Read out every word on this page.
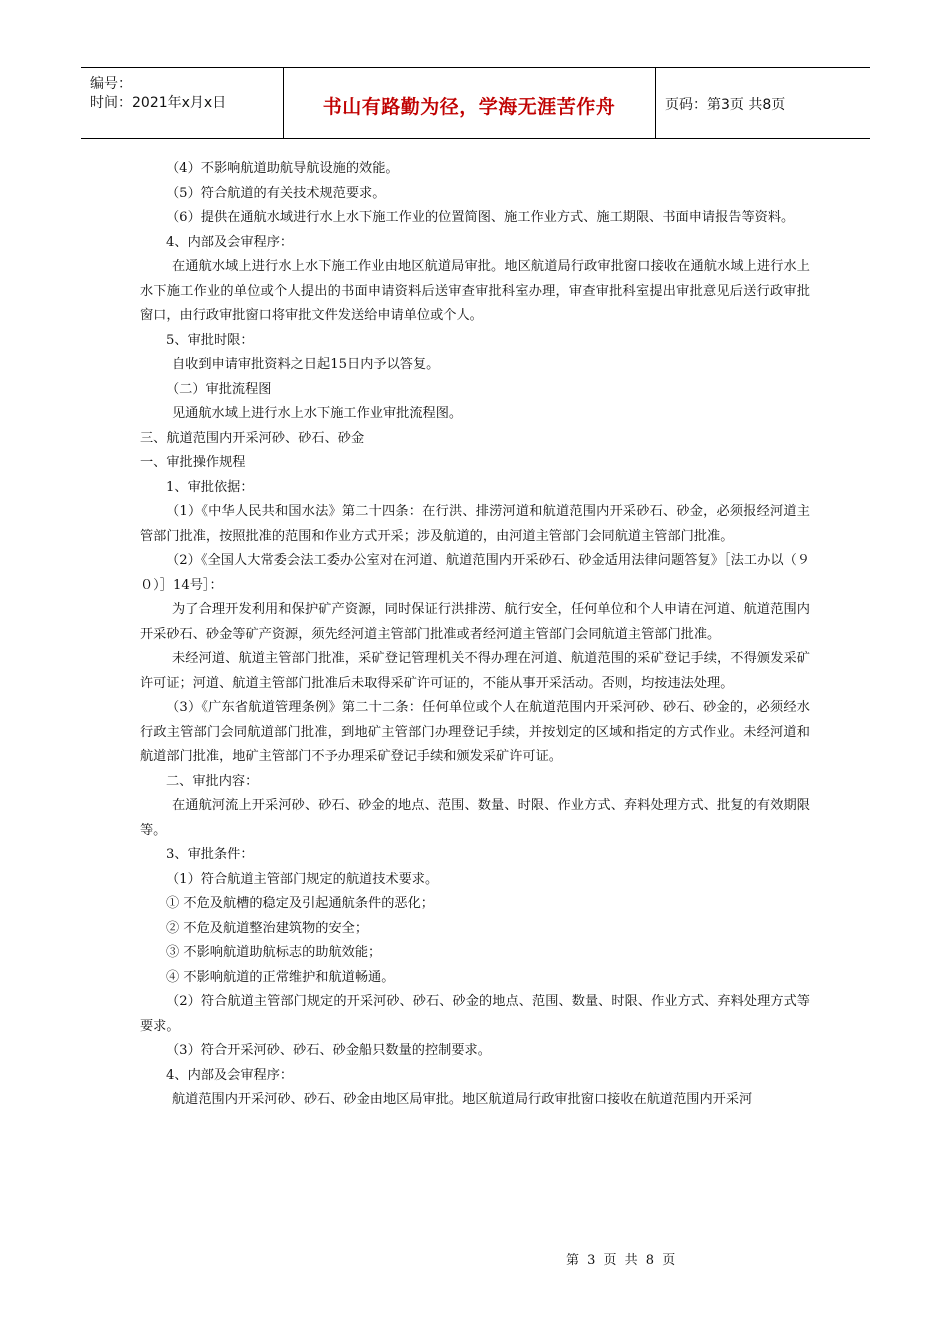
编号：
时间：2021年x月x日	书山有路勤为径，学海无涯苦作舟	页码：第3页 共8页

（4）不影响航道助航导航设施的效能。

（5）符合航道的有关技术规范要求。

（6）提供在通航水域进行水上水下施工作业的位置简图、施工作业方式、施工期限、书面申请报告等资料。

4、内部及会审程序：

在通航水域上进行水上水下施工作业由地区航道局审批。地区航道局行政审批窗口接收在通航水域上进行水上水下施工作业的单位或个人提出的书面申请资料后送审查审批科室办理，审查审批科室提出审批意见后送行政审批窗口，由行政审批窗口将审批文件发送给申请单位或个人。

5、审批时限：

自收到申请审批资料之日起15日内予以答复。

（二）审批流程图

见通航水域上进行水上水下施工作业审批流程图。

三、航道范围内开采河砂、砂石、砂金

一、审批操作规程

1、审批依据：

（1）《中华人民共和国水法》第二十四条：在行洪、排涝河道和航道范围内开采砂石、砂金，必须报经河道主管部门批准，按照批准的范围和作业方式开采；涉及航道的，由河道主管部门会同航道主管部门批准。

（2）《全国人大常委会法工委办公室对在河道、航道范围内开采砂石、砂金适用法律问题答复》［法工办以（９０）］14号］：

为了合理开发利用和保护矿产资源，同时保证行洪排涝、航行安全，任何单位和个人申请在河道、航道范围内开采砂石、砂金等矿产资源，须先经河道主管部门批准或者经河道主管部门会同航道主管部门批准。

未经河道、航道主管部门批准，采矿登记管理机关不得办理在河道、航道范围的采矿登记手续，不得颁发采矿许可证；河道、航道主管部门批准后未取得采矿许可证的，不能从事开采活动。否则，均按违法处理。

（3）《广东省航道管理条例》第二十二条：任何单位或个人在航道范围内开采河砂、砂石、砂金的，必须经水行政主管部门会同航道部门批准，到地矿主管部门办理登记手续，并按划定的区域和指定的方式作业。未经河道和航道部门批准，地矿主管部门不予办理采矿登记手续和颁发采矿许可证。

二、审批内容：

在通航河流上开采河砂、砂石、砂金的地点、范围、数量、时限、作业方式、弃料处理方式、批复的有效期限等。

3、审批条件：

（1）符合航道主管部门规定的航道技术要求。

① 不危及航槽的稳定及引起通航条件的恶化；

② 不危及航道整治建筑物的安全；

③ 不影响航道助航标志的助航效能；

④ 不影响航道的正常维护和航道畅通。

（2）符合航道主管部门规定的开采河砂、砂石、砂金的地点、范围、数量、时限、作业方式、弃料处理方式等要求。

（3）符合开采河砂、砂石、砂金船只数量的控制要求。

4、内部及会审程序：

航道范围内开采河砂、砂石、砂金由地区局审批。地区航道局行政审批窗口接收在航道范围内开采河

第 3 页 共 8 页
